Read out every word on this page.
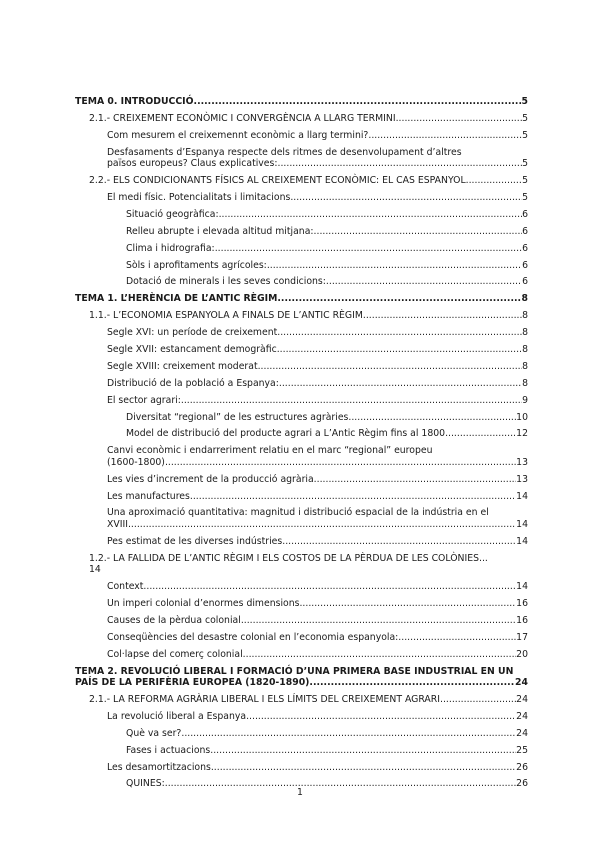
TEMA 0. INTRODUCCIÓ .....	5
2.1.- CREIXEMENT ECONÒMIC I CONVERGÈNCIA A LLARG TERMINI .....	5
Com mesurem el creixemennt econòmic a llarg termini? .....	5
Desfasaments d’Espanya respecte dels ritmes de desenvolupament d’altres
països europeus? Claus explicatives: .....	5
2.2.- ELS CONDICIONANTS FÍSICS AL CREIXEMENT ECONÒMIC: EL CAS ESPANYOL .....	5
El medi físic. Potencialitats i limitacions .....	5
Situació geogràfica: .....	6
Relleu abrupte i elevada altitud mitjana: .....	6
Clima i hidrografia: .....	6
Sòls i aprofitaments agrícoles: .....	6
Dotació de minerals i les seves condicions: .....	6
TEMA 1. L’HERÈNCIA DE L’ANTIC RÈGIM .....	8
1.1.- L’ECONOMIA ESPANYOLA A FINALS DE L’ANTIC RÈGIM .....	8
Segle XVI: un període de creixement .....	8
Segle XVII: estancament demogràfic .....	8
Segle XVIII: creixement moderat .....	8
Distribució de la població a Espanya: .....	8
El sector agrari: .....	9
Diversitat “regional” de les estructures agràries .....	10
Model de distribució del producte agrari a L’Antic Règim fins al 1800 .....	12
Canvi econòmic i endarreriment relatiu en el marc “regional” europeu
(1600-1800) .....	13
Les vies d’increment de la producció agrària .....	13
Les manufactures .....	14
Una aproximació quantitativa: magnitud i distribució espacial de la indústria en el
XVIII .....	14
Pes estimat de les diverses indústries .....	14
1.2.- LA FALLIDA DE L’ANTIC RÈGIM I ELS COSTOS DE LA PÈRDUA DE LES COLÒNIES...
14
Context .....	14
Un imperi colonial d’enormes dimensions .....	16
Causes de la pèrdua colonial .....	16
Conseqüències del desastre colonial en l’economia espanyola: .....	17
Col·lapse del comerç colonial .....	20
TEMA 2. REVOLUCIÓ LIBERAL I FORMACIÓ D’UNA PRIMERA BASE INDUSTRIAL EN UN
PAÍS DE LA PERIFÈRIA EUROPEA (1820-1890) .....	24
2.1.- LA REFORMA AGRÀRIA LIBERAL I ELS LÍMITS DEL CREIXEMENT AGRARI .....	24
La revolució liberal a Espanya .....	24
Què va ser? .....	24
Fases i actuacions .....	25
Les desamortitzacions .....	26
QUINES: .....	26
1
